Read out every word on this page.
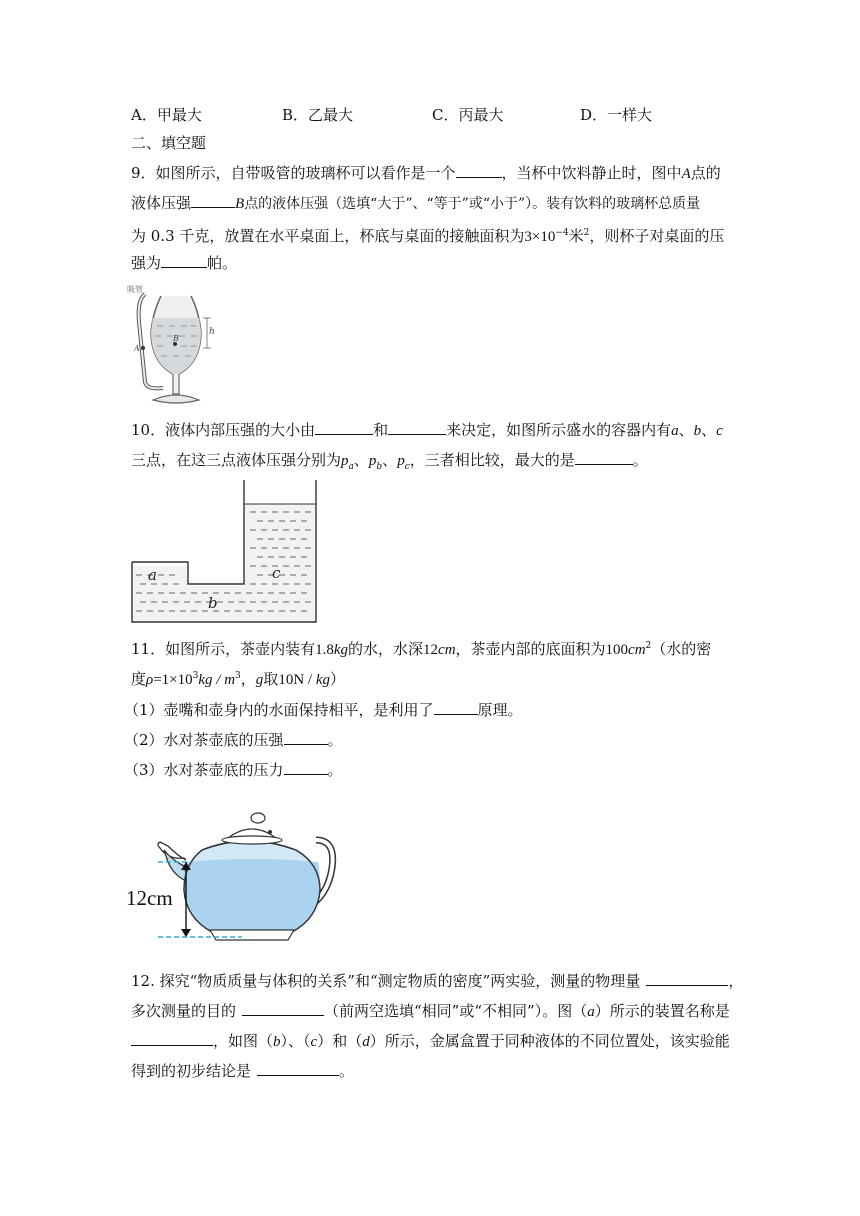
A．甲最大	B．乙最大	C．丙最大	D．一样大
二、填空题
9．如图所示，自带吸管的玻璃杯可以看作是一个	，当杯中饮料静止时，图中A点的
液体压强	B点的液体压强（选填“大于”、“等于”或“小于”）。装有饮料的玻璃杯总质量
为 0.3 千克，放置在水平桌面上，杯底与桌面的接触面积为$3\times 10^{-4}$米$^2$，则杯子对桌面的压
强为	帕。
吸管
h
B
A
10．液体内部压强的大小由	和	来决定，如图所示盛水的容器内有a、b、c
三点，在这三点液体压强分别为$p_a$、$p_b$、$p_c$，三者相比较，最大的是	。
a
b
c
11．如图所示，茶壶内装有1.8kg的水，水深12cm，茶壶内部的底面积为$100cm^2$（水的密
度$\rho=1\times 10^3kg / m^3$，g取10N / kg）
（1）壶嘴和壶身内的水面保持相平，是利用了	原理。
（2）水对茶壶底的压强	。
（3）水对茶壶底的压力	。
12cm
12. 探究“物质质量与体积的关系”和“测定物质的密度”两实验，测量的物理量	，
多次测量的目的	（前两空选填“相同”或“不相同”）。图（a）所示的装置名称是
，如图（b）、（c）和（d）所示，金属盒置于同种液体的不同位置处，该实验能
得到的初步结论是	。
